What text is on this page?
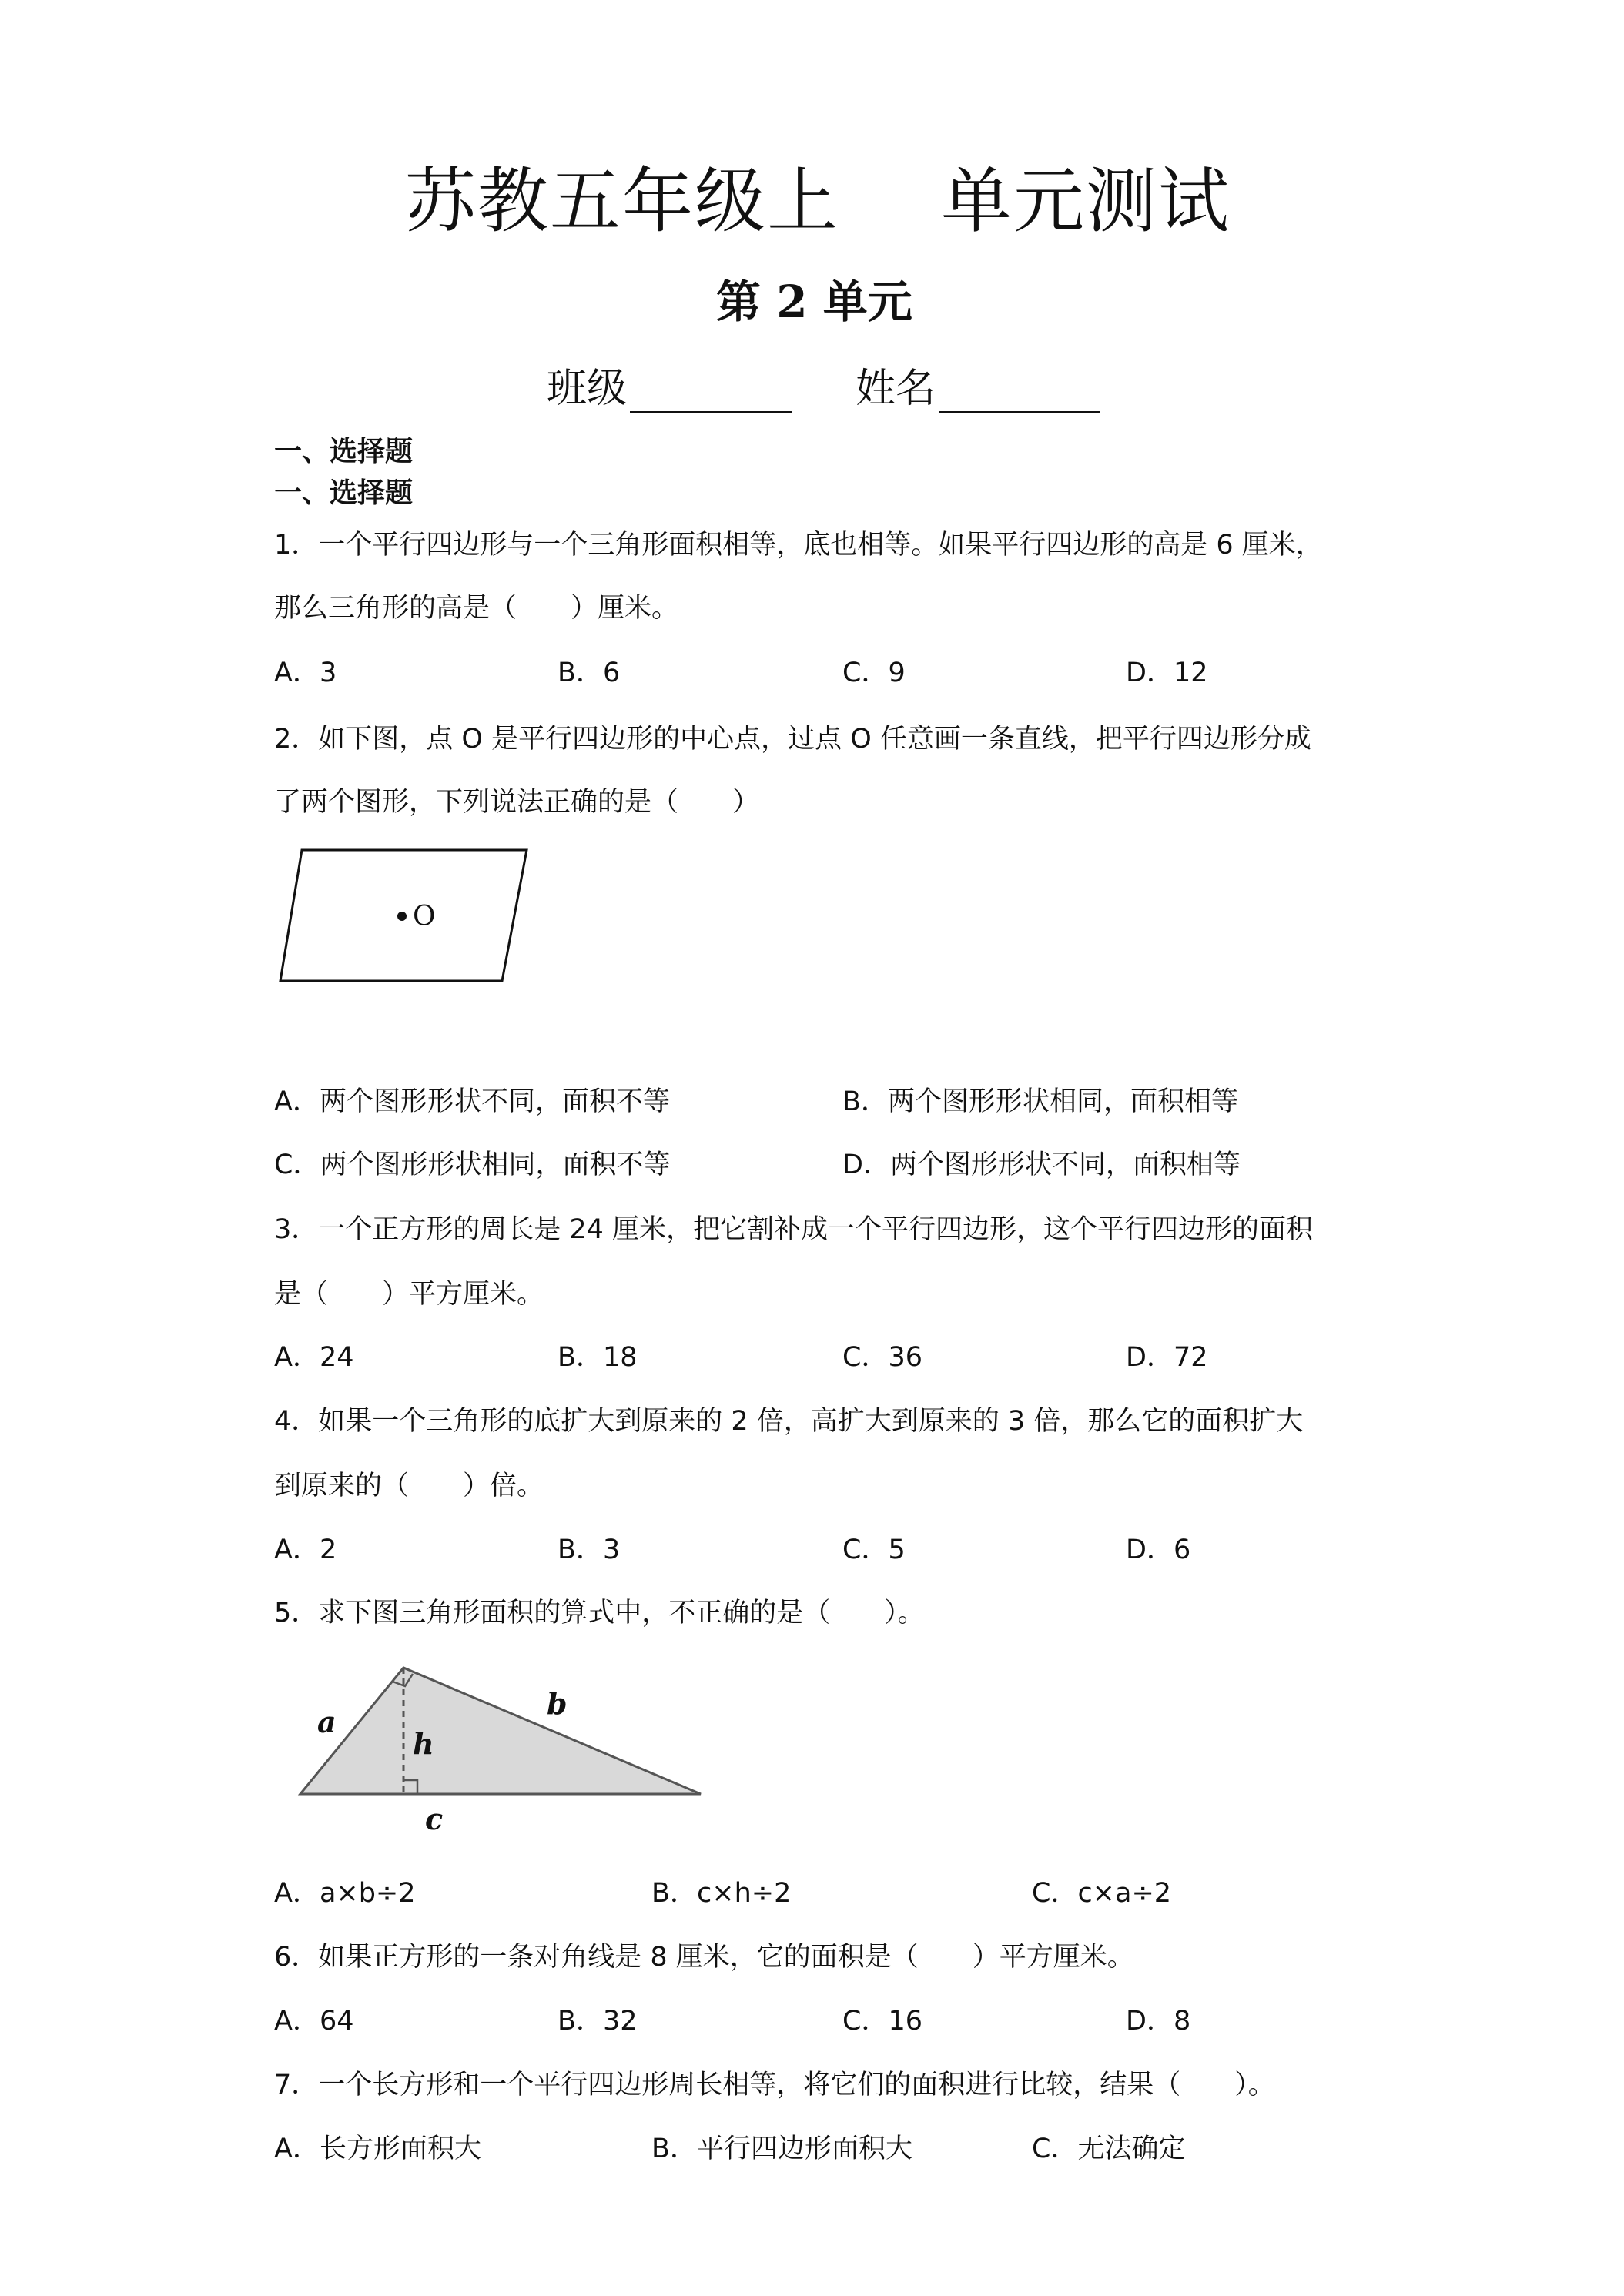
苏教五年级上 单元测试
第 2 单元
班级	姓名
一、选择题
一、选择题
1．一个平行四边形与一个三角形面积相等，底也相等。如果平行四边形的高是 6 厘米，
那么三角形的高是（　　）厘米。
A．3	B．6	C．9	D．12
2．如下图，点 O 是平行四边形的中心点，过点 O 任意画一条直线，把平行四边形分成
了两个图形，下列说法正确的是（　　）
O
A．两个图形形状不同，面积不等	B．两个图形形状相同，面积相等
C．两个图形形状相同，面积不等	D．两个图形形状不同，面积相等
3．一个正方形的周长是 24 厘米，把它割补成一个平行四边形，这个平行四边形的面积
是（　　）平方厘米。
A．24	B．18	C．36	D．72
4．如果一个三角形的底扩大到原来的 2 倍，高扩大到原来的 3 倍，那么它的面积扩大
到原来的（　　）倍。
A．2	B．3	C．5	D．6
5．求下图三角形面积的算式中，不正确的是（　　）。
a
b
h
c
A．a×b÷2	B．c×h÷2	C．c×a÷2
6．如果正方形的一条对角线是 8 厘米，它的面积是（　　）平方厘米。
A．64	B．32	C．16	D．8
7．一个长方形和一个平行四边形周长相等，将它们的面积进行比较，结果（　　）。
A．长方形面积大	B．平行四边形面积大	C．无法确定
